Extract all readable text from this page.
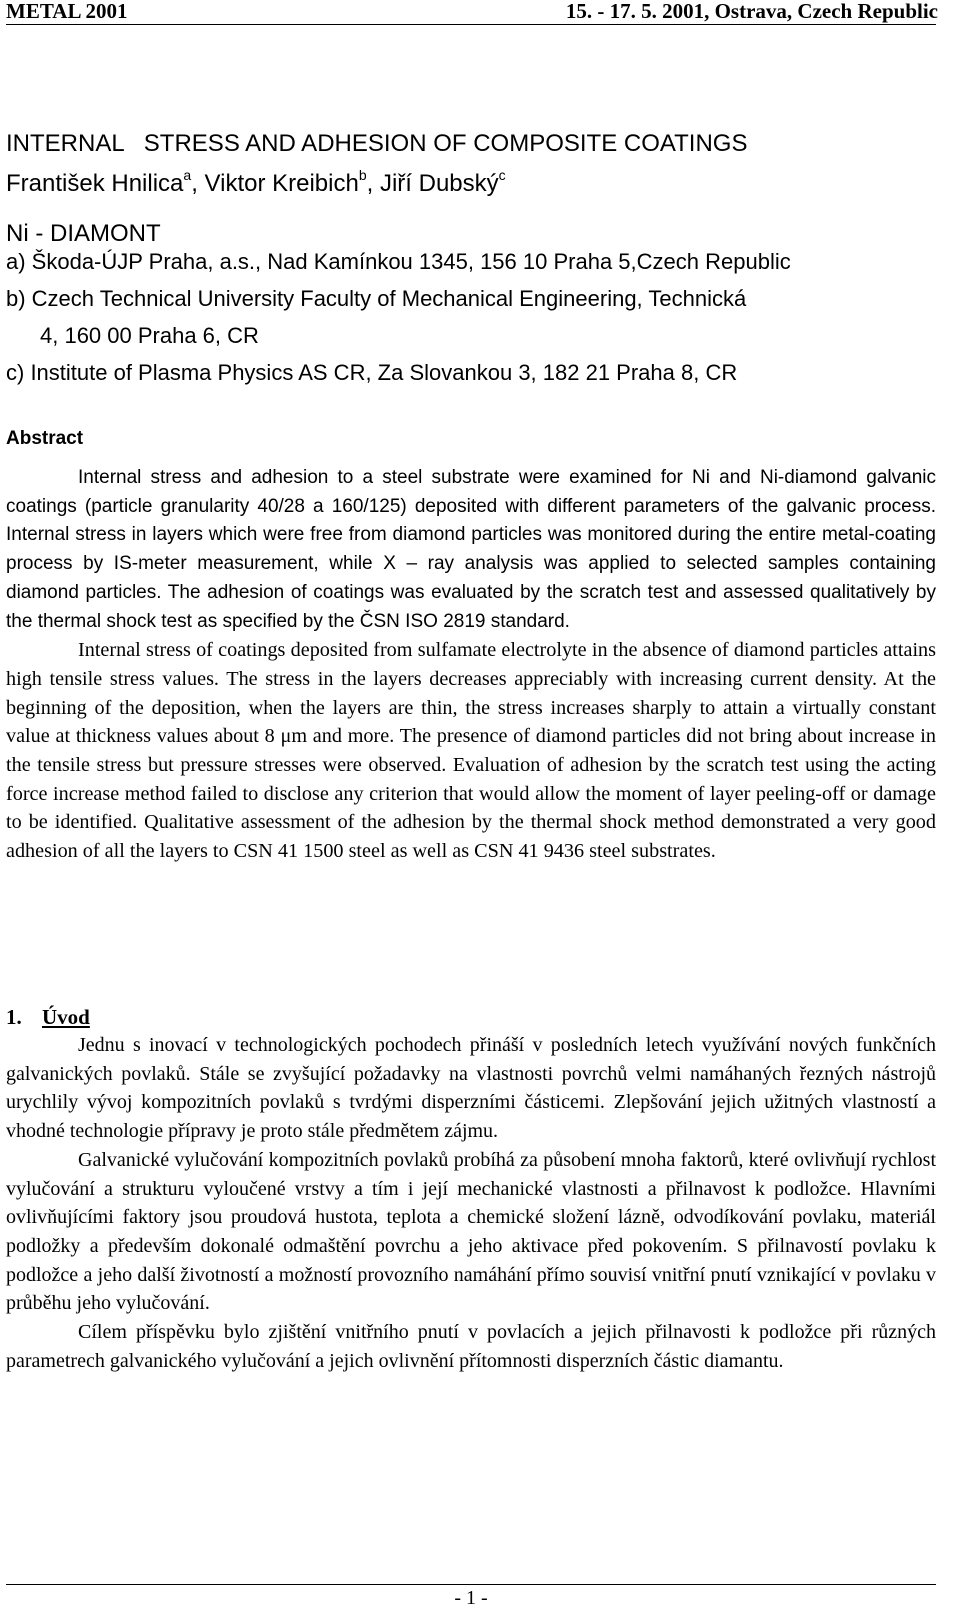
METAL 2001	15. - 17. 5. 2001, Ostrava, Czech Republic

INTERNAL   STRESS AND ADHESION OF COMPOSITE COATINGS

Ni - DIAMONT

František Hnilica$^a$, Viktor Kreibich$^b$, Jiří Dubský$^c$
a) Škoda-ÚJP Praha, a.s., Nad Kamínkou 1345, 156 10 Praha 5,Czech Republic
b) Czech Technical University Faculty of Mechanical Engineering, Technická
4, 160 00 Praha 6, CR
c) Institute of Plasma Physics AS CR, Za Slovankou 3, 182 21 Praha 8, CR
Abstract

Internal stress and adhesion to a steel substrate were examined for Ni and Ni-diamond galvanic coatings (particle granularity 40/28 a 160/125) deposited with different parameters of the galvanic process. Internal stress in layers which were free from diamond particles was monitored during the entire metal-coating process by IS-meter measurement, while X – ray analysis was applied to selected samples containing diamond particles. The adhesion of coatings was evaluated by the scratch test and assessed qualitatively by the thermal shock test as specified by the ČSN ISO 2819 standard.

Internal stress of coatings deposited from sulfamate electrolyte in the absence of diamond particles attains high tensile stress values. The stress in the layers decreases appreciably with increasing current density. At the beginning of the deposition, when the layers are thin, the stress increases sharply to attain a virtually constant value at thickness values about 8 μm and more. The presence of diamond particles did not bring about increase in the tensile stress but pressure stresses were observed. Evaluation of adhesion by the scratch test using the acting force increase method failed to disclose any criterion that would allow the moment of layer peeling-off or damage to be identified. Qualitative assessment of the adhesion by the thermal shock method demonstrated a very good adhesion of all the layers to CSN 41 1500 steel as well as CSN 41 9436 steel substrates.

1. Úvod

Jednu s inovací v technologických pochodech přináší v posledních letech využívání nových funkčních galvanických povlaků. Stále se zvyšující požadavky na vlastnosti povrchů velmi namáhaných řezných nástrojů urychlily vývoj kompozitních povlaků s tvrdými disperzními částicemi. Zlepšování jejich užitných vlastností a vhodné technologie přípravy je proto stále předmětem zájmu.

Galvanické vylučování kompozitních povlaků probíhá za působení mnoha faktorů, které ovlivňují rychlost vylučování a strukturu vyloučené vrstvy a tím i její mechanické vlastnosti a přilnavost k podložce. Hlavními ovlivňujícími faktory jsou proudová hustota, teplota a chemické složení lázně, odvodíkování povlaku, materiál podložky a především dokonalé odmaštění povrchu a jeho aktivace před pokovením. S přilnavostí povlaku k podložce a jeho další životností a možností provozního namáhání přímo souvisí vnitřní pnutí vznikající v povlaku v průběhu jeho vylučování.

Cílem příspěvku bylo zjištění vnitřního pnutí v povlacích a jejich přilnavosti k podložce při různých parametrech galvanického vylučování a jejich ovlivnění přítomnosti disperzních částic diamantu.

- 1 -
